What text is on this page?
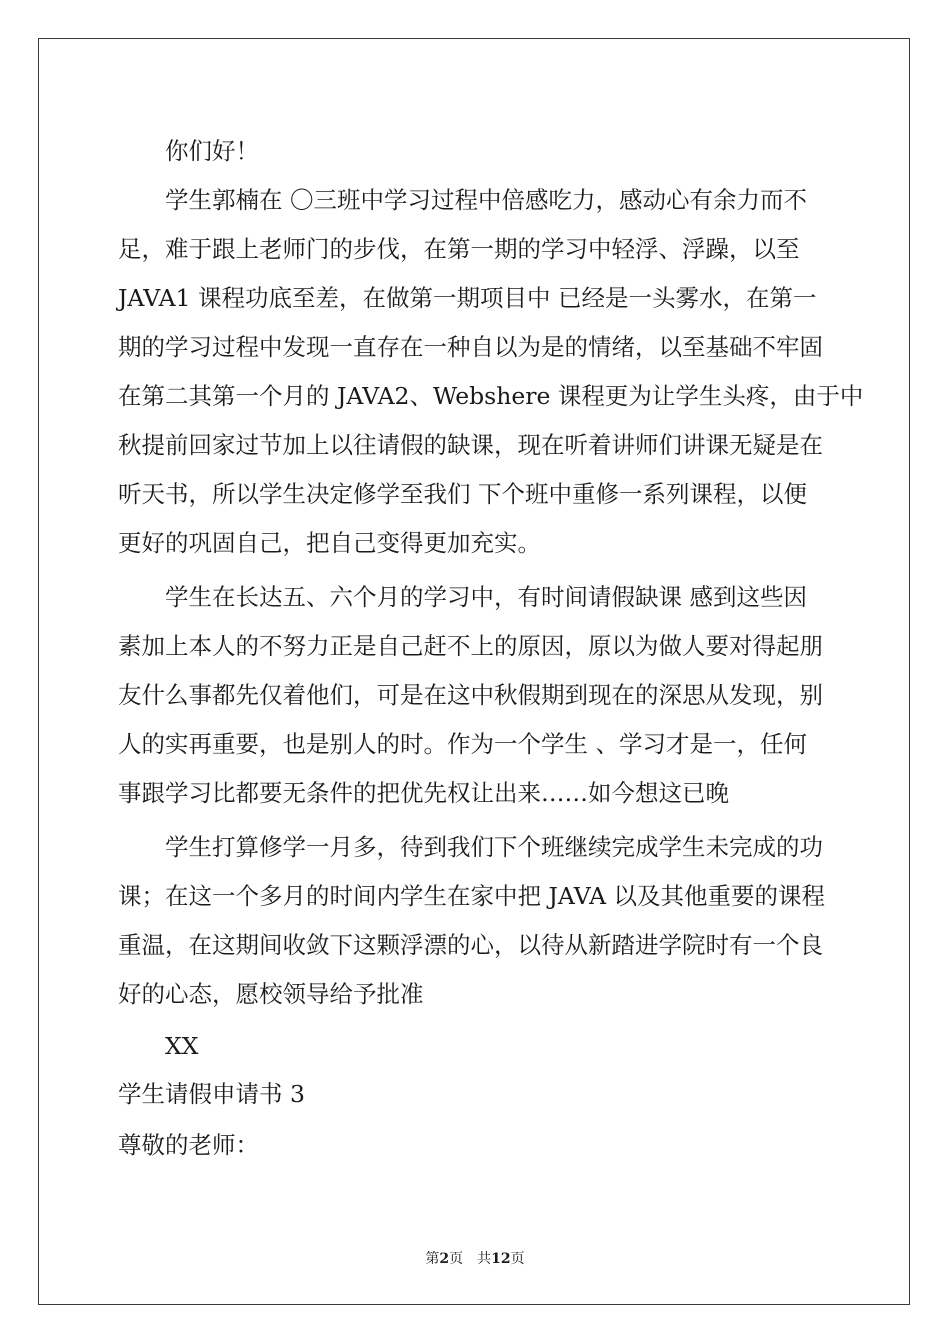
你们好！

学生郭楠在 〇三班中学习过程中倍感吃力，感动心有余力而不

足，难于跟上老师门的步伐，在第一期的学习中轻浮、浮躁，以至

JAVA1 课程功底至差，在做第一期项目中 已经是一头雾水，在第一

期的学习过程中发现一直存在一种自以为是的情绪，以至基础不牢固

在第二其第一个月的 JAVA2、Webshere 课程更为让学生头疼，由于中

秋提前回家过节加上以往请假的缺课，现在听着讲师们讲课无疑是在

听天书，所以学生决定修学至我们 下个班中重修一系列课程，以便

更好的巩固自己，把自己变得更加充实。

学生在长达五、六个月的学习中，有时间请假缺课 感到这些因

素加上本人的不努力正是自己赶不上的原因，原以为做人要对得起朋

友什么事都先仅着他们，可是在这中秋假期到现在的深思从发现，别

人的实再重要，也是别人的时。作为一个学生 、学习才是一，任何

事跟学习比都要无条件的把优先权让出来……如今想这已晚

学生打算修学一月多，待到我们下个班继续完成学生未完成的功

课；在这一个多月的时间内学生在家中把 JAVA 以及其他重要的课程

重温，在这期间收敛下这颗浮漂的心，以待从新踏进学院时有一个良

好的心态，愿校领导给予批准

XX

学生请假申请书 3

尊敬的老师：

第2页　共12页
